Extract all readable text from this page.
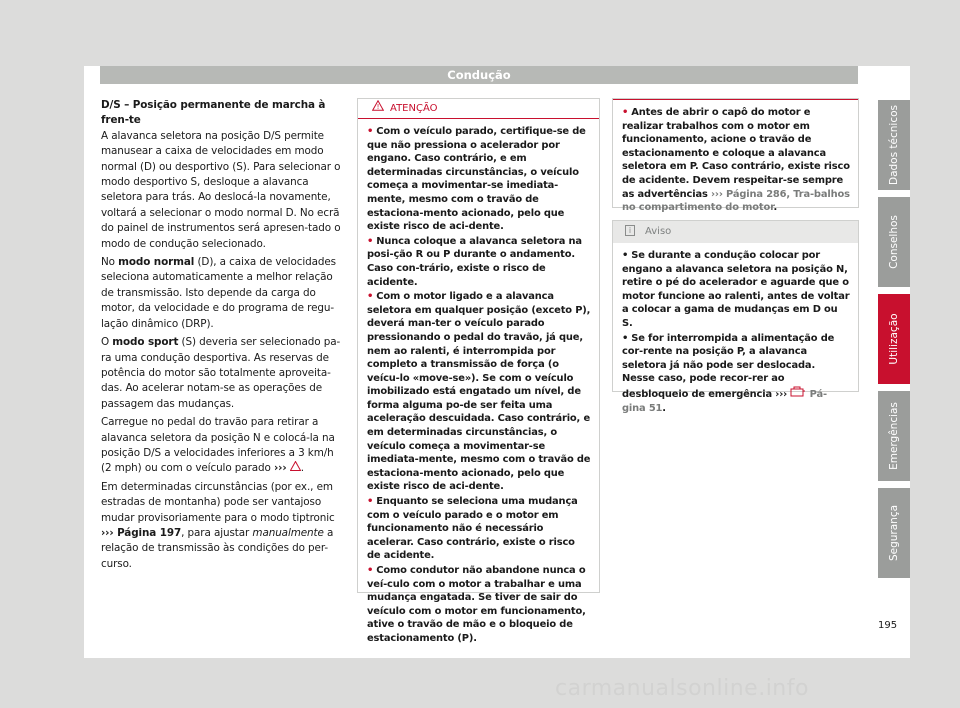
Condução

D/S – Posição permanente de marcha à fren-te

A alavanca seletora na posição D/S permite manusear a caixa de velocidades em modo normal (D) ou desportivo (S). Para selecionar o modo desportivo S, desloque a alavanca seletora para trás. Ao deslocá-la novamente, voltará a selecionar o modo normal D. No ecrã do painel de instrumentos será apresen-tado o modo de condução selecionado.

No modo normal (D), a caixa de velocidades seleciona automaticamente a melhor relação de transmissão. Isto depende da carga do motor, da velocidade e do programa de regu-lação dinâmico (DRP).

O modo sport (S) deveria ser selecionado pa-ra uma condução desportiva. As reservas de potência do motor são totalmente aproveita-das. Ao acelerar notam-se as operações de passagem das mudanças.

Carregue no pedal do travão para retirar a alavanca seletora da posição N e colocá-la na posição D/S a velocidades inferiores a 3 km/h (2 mph) ou com o veículo parado ››› .

Em determinadas circunstâncias (por ex., em estradas de montanha) pode ser vantajoso mudar provisoriamente para o modo tiptronic ››› Página 197, para ajustar manualmente a relação de transmissão às condições do per-curso.

! ATENÇÃO
• Com o veículo parado, certifique-se de que não pressiona o acelerador por engano. Caso contrário, e em determinadas circunstâncias, o veículo começa a movimentar-se imediata-mente, mesmo com o travão de estaciona-mento acionado, pelo que existe risco de aci-dente.
• Nunca coloque a alavanca seletora na posi-ção R ou P durante o andamento. Caso con-trário, existe o risco de acidente.
• Com o motor ligado e a alavanca seletora em qualquer posição (exceto P), deverá man-ter o veículo parado pressionando o pedal do travão, já que, nem ao ralenti, é interrompida por completo a transmissão de força (o veícu-lo «move-se»). Se com o veículo imobilizado está engatado um nível, de forma alguma po-de ser feita uma aceleração descuidada. Caso contrário, e em determinadas circunstâncias, o veículo começa a movimentar-se imediata-mente, mesmo com o travão de estaciona-mento acionado, pelo que existe risco de aci-dente.
• Enquanto se seleciona uma mudança com o veículo parado e o motor em funcionamento não é necessário acelerar. Caso contrário, existe o risco de acidente.
• Como condutor não abandone nunca o veí-culo com o motor a trabalhar e uma mudança engatada. Se tiver de sair do veículo com o motor em funcionamento, ative o travão de mão e o bloqueio de estacionamento (P).
• Antes de abrir o capô do motor e realizar trabalhos com o motor em funcionamento, acione o travão de estacionamento e coloque a alavanca seletora em P. Caso contrário, existe risco de acidente. Devem respeitar-se sempre as advertências ››› Página 286, Tra-balhos no compartimento do motor.
i Aviso
• Se durante a condução colocar por engano a alavanca seletora na posição N, retire o pé do acelerador e aguarde que o motor funcione ao ralenti, antes de voltar a colocar a gama de mudanças em D ou S.
• Se for interrompida a alimentação de cor-rente na posição P, a alavanca seletora já não pode ser deslocada. Nesse caso, pode recor-rer ao desbloqueio de emergência ›››  Pá-gina 51.
Dados técnicos
Conselhos
Utilização
Emergências
Segurança
195
carmanualsonline.info
